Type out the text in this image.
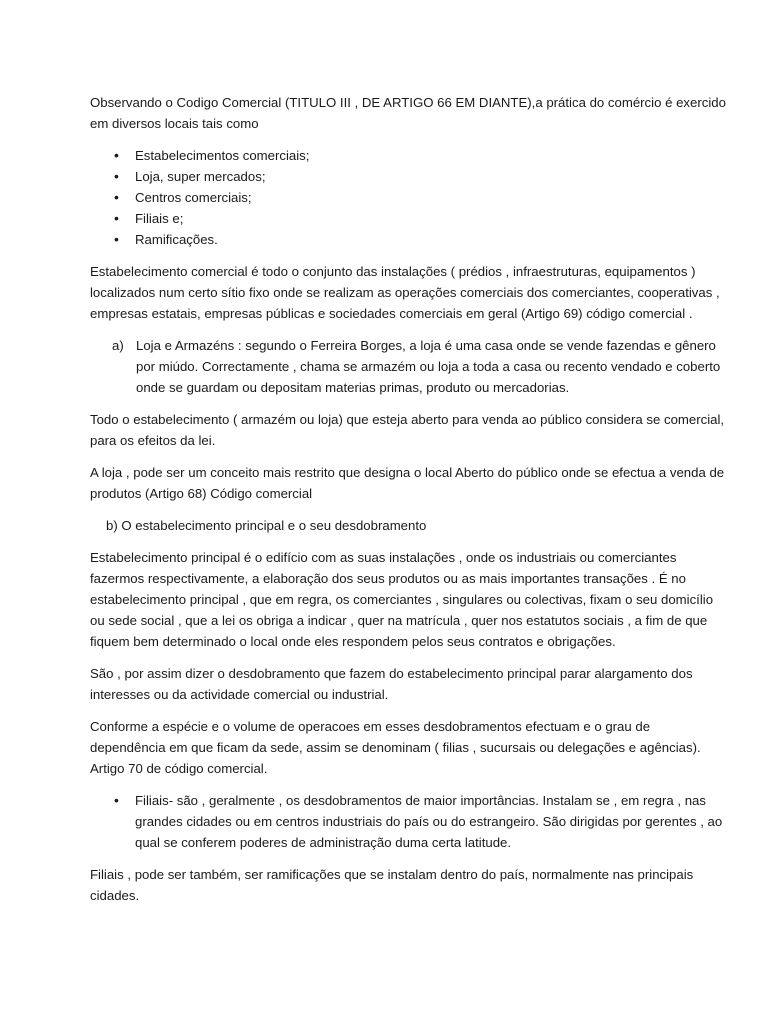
Observando o Codigo Comercial (TITULO III , DE ARTIGO 66 EM DIANTE),a prática do comércio é exercido em diversos locais tais como

• Estabelecimentos comerciais;
• Loja, super mercados;
• Centros comerciais;
• Filiais e;
• Ramificações.

Estabelecimento comercial é todo o conjunto das instalações ( prédios , infraestruturas, equipamentos ) localizados num certo sítio fixo onde se realizam as operações comerciais dos comerciantes, cooperativas , empresas estatais, empresas públicas e sociedades comerciais em geral (Artigo 69) código comercial .

a) Loja e Armazéns : segundo o Ferreira Borges, a loja é uma casa onde se vende fazendas e gênero por miúdo. Correctamente , chama se armazém ou loja a toda a casa ou recento vendado e coberto onde se guardam ou depositam materias primas, produto ou mercadorias.

Todo o estabelecimento ( armazém ou loja) que esteja aberto para venda ao público considera se comercial, para os efeitos da lei.

A loja , pode ser um conceito mais restrito que designa o local Aberto do público onde se efectua a venda de produtos (Artigo 68) Código comercial

b) O estabelecimento principal e o seu desdobramento

Estabelecimento principal é o edifício com as suas instalações , onde os industriais ou comerciantes fazermos respectivamente, a elaboração dos seus produtos ou as mais importantes transações . É no estabelecimento principal , que em regra, os comerciantes , singulares ou colectivas, fixam o seu domicílio ou sede social , que a lei os obriga a indicar , quer na matrícula , quer nos estatutos sociais , a fim de que fiquem bem determinado o local onde eles respondem pelos seus contratos e obrigações.

São , por assim dizer o desdobramento que fazem do estabelecimento principal parar alargamento dos interesses ou da actividade comercial ou industrial.

Conforme a espécie e o volume de operacoes em esses desdobramentos efectuam e o grau de dependência em que ficam da sede, assim se denominam ( filias , sucursais ou delegações e agências). Artigo 70 de código comercial.

• Filiais- são , geralmente , os desdobramentos de maior importâncias. Instalam se , em regra , nas grandes cidades ou em centros industriais do país ou do estrangeiro. São dirigidas por gerentes , ao qual se conferem poderes de administração duma certa latitude.

Filiais , pode ser também, ser ramificações que se instalam dentro do país, normalmente nas principais cidades.
